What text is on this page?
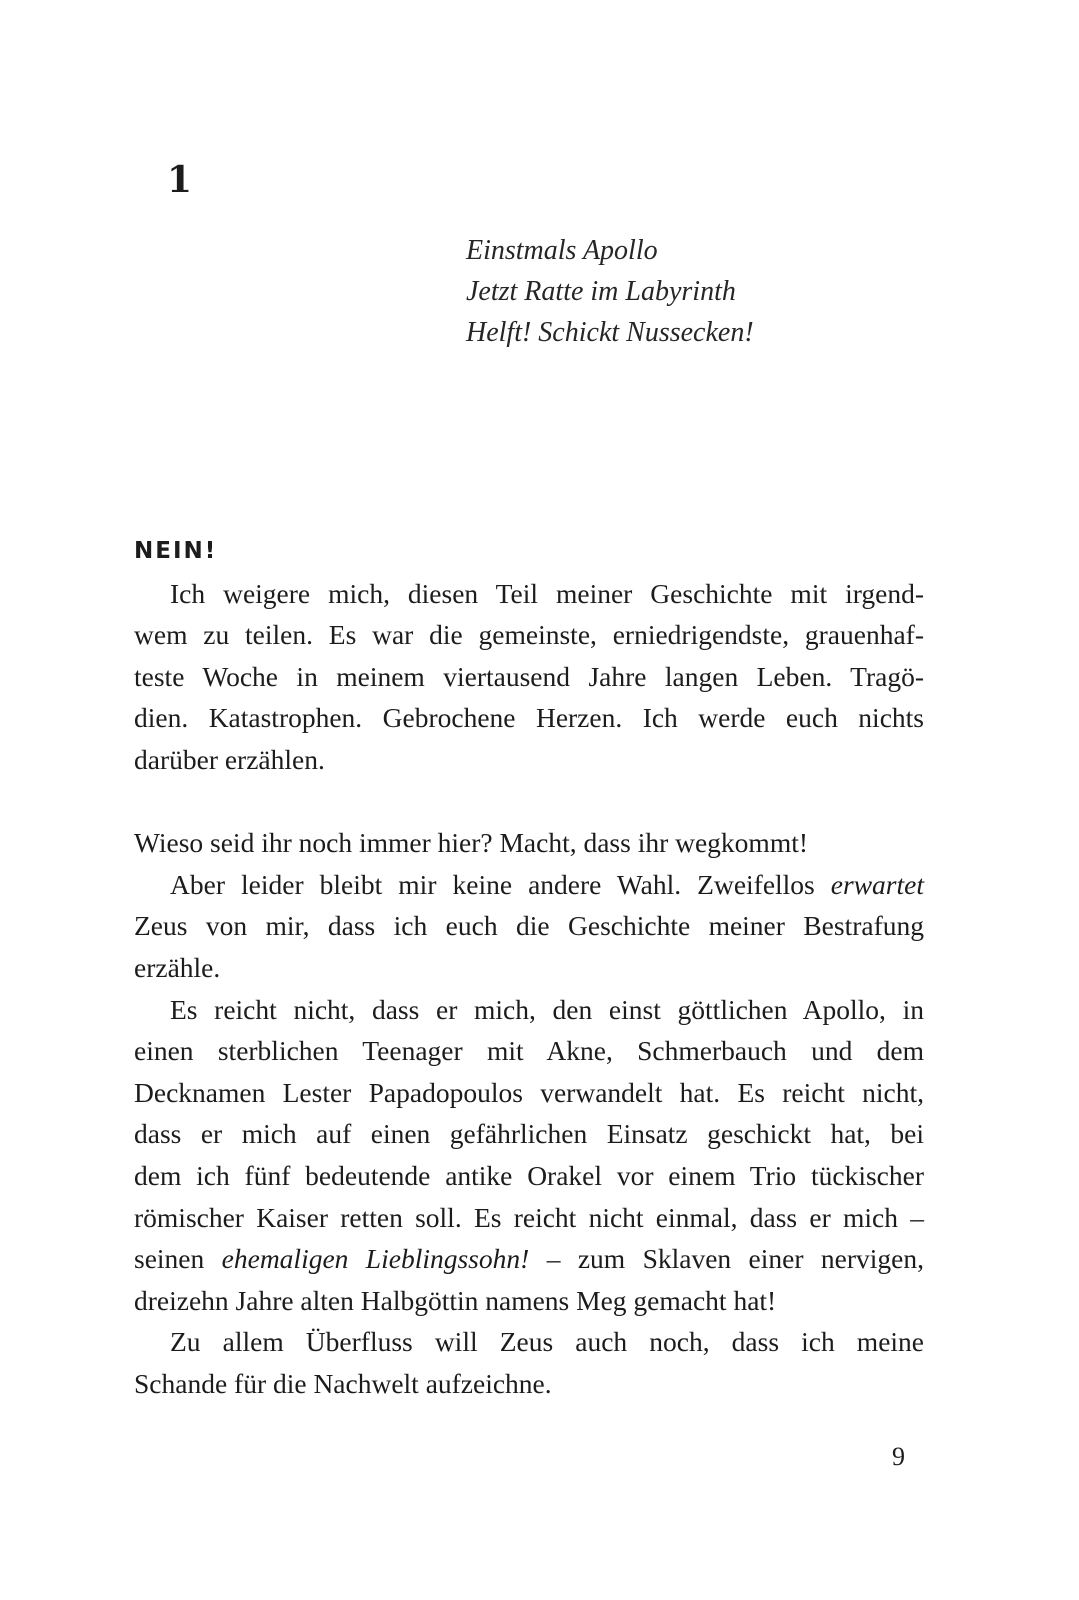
1
Einstmals Apollo
Jetzt Ratte im Labyrinth
Helft! Schickt Nussecken!
NEIN!
Ich weigere mich, diesen Teil meiner Geschichte mit irgend-
wem zu teilen. Es war die gemeinste, erniedrigendste, grauenhaf-
teste Woche in meinem viertausend Jahre langen Leben. Tragö-
dien. Katastrophen. Gebrochene Herzen. Ich werde euch nichts
darüber erzählen.
Wieso seid ihr noch immer hier? Macht, dass ihr wegkommt!
Aber leider bleibt mir keine andere Wahl. Zweifellos erwartet
Zeus von mir, dass ich euch die Geschichte meiner Bestrafung
erzähle.
Es reicht nicht, dass er mich, den einst göttlichen Apollo, in
einen sterblichen Teenager mit Akne, Schmerbauch und dem
Decknamen Lester Papadopoulos verwandelt hat. Es reicht nicht,
dass er mich auf einen gefährlichen Einsatz geschickt hat, bei
dem ich fünf bedeutende antike Orakel vor einem Trio tückischer
römischer Kaiser retten soll. Es reicht nicht einmal, dass er mich –
seinen ehemaligen Lieblingssohn! – zum Sklaven einer nervigen,
dreizehn Jahre alten Halbgöttin namens Meg gemacht hat!
Zu allem Überfluss will Zeus auch noch, dass ich meine
Schande für die Nachwelt aufzeichne.
9
